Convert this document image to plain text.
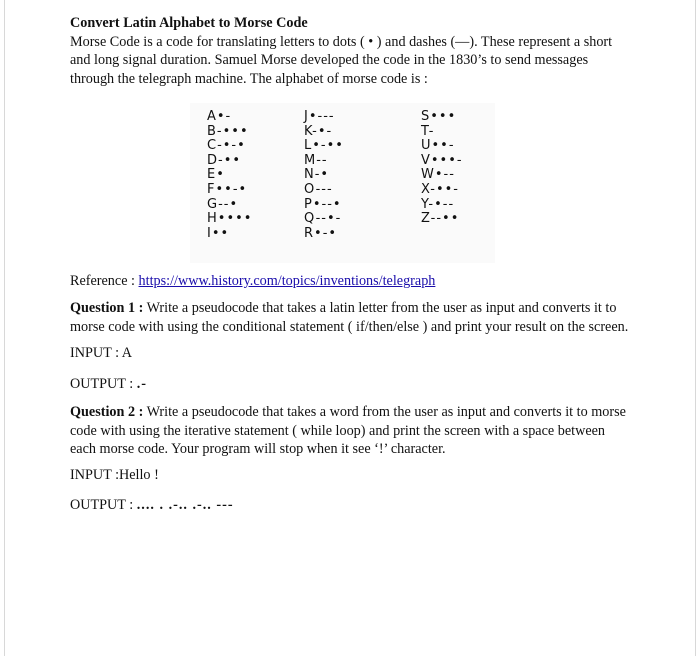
Convert Latin Alphabet to Morse Code

Morse Code is a code for translating letters to dots ( • ) and dashes (—). These represent a short and long signal duration. Samuel Morse developed the code in the 1830’s to send messages through the telegraph machine. The alphabet of morse code is :

A•-
B-•••
C-•-•
D-••
E•
F••-•
G--•
H••••
I••
J•---
K-•-
L•-••
M--
N-•
O---
P•--•
Q--•-
R•-•
S•••
T-
U••-
V•••-
W•--
X-••-
Y-•--
Z--••
Reference : https://www.history.com/topics/inventions/telegraph
Question 1 : Write a pseudocode that takes a latin letter from the user as input and converts it to morse code with using the conditional statement ( if/then/else ) and print your result on the screen.
INPUT : A
OUTPUT : .-
Question 2 : Write a pseudocode that takes a word from the user as input and converts it to morse code with using the iterative statement ( while loop) and print the screen with a space between each morse code. Your program will stop when it see ‘!’ character.
INPUT :Hello !
OUTPUT : .... . .-.. .-.. ---
